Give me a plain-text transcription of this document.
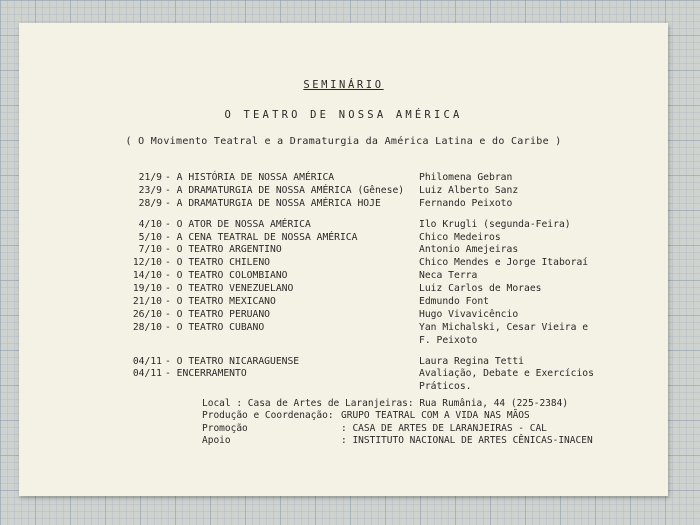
SEMINÁRIO
O TEATRO DE NOSSA AMÉRICA
( O Movimento Teatral e a Dramaturgia da América Latina e do Caribe )
21/9 - A HISTÓRIA DE NOSSA AMÉRICA	Philomena Gebran
23/9 - A DRAMATURGIA DE NOSSA AMÉRICA (Gênese) Luiz Alberto Sanz
28/9 - A DRAMATURGIA DE NOSSA AMÉRICA HOJE	Fernando Peixoto
4/10 - O ATOR DE NOSSA AMÉRICA	Ilo Krugli (segunda-Feira)
5/10 - A CENA TEATRAL DE NOSSA AMÉRICA	Chico Medeiros
7/10 - O TEATRO ARGENTINO	Antonio Amejeiras
12/10 - O TEATRO CHILENO	Chico Mendes e Jorge Itaboraí
14/10 - O TEATRO COLOMBIANO	Neca Terra
19/10 - O TEATRO VENEZUELANO	Luiz Carlos de Moraes
21/10 - O TEATRO MEXICANO	Edmundo Font
26/10 - O TEATRO PERUANO	Hugo Vivavicêncio
28/10 - O TEATRO CUBANO	Yan Michalski, Cesar Vieira e
F. Peixoto
04/11 - O TEATRO NICARAGUENSE	Laura Regina Tetti
04/11 - ENCERRAMENTO	Avaliação, Debate e Exercícios
Práticos.
Local : Casa de Artes de Laranjeiras: Rua Rumânia, 44 (225-2384)
Produção e Coordenação: GRUPO TEATRAL COM A VIDA NAS MÃOS
Promoção	: CASA DE ARTES DE LARANJEIRAS - CAL
Apoio	: INSTITUTO NACIONAL DE ARTES CÊNICAS-INACEN
